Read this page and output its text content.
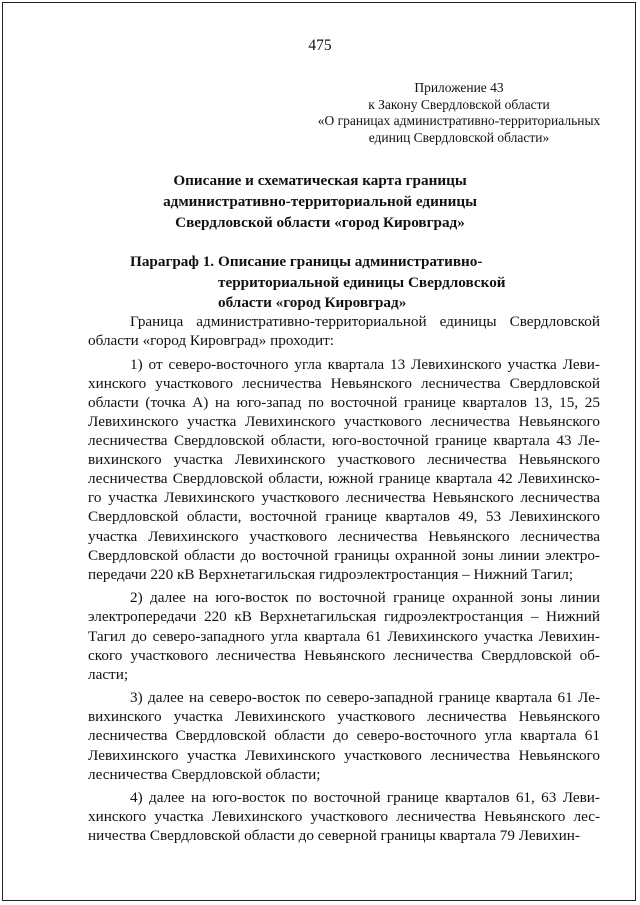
475
Приложение 43
к Закону Свердловской области
«О границах административно-территориальных
единиц Свердловской области»
Описание и схематическая карта границы
административно-территориальной единицы
Свердловской области «город Кировград»
Параграф 1. Описание границы административно-
территориальной единицы Свердловской
области «город Кировград»

Граница административно-территориальной единицы Свердловской
области «город Кировград» проходит:

1) от северо-восточного угла квартала 13 Левихинского участка Леви-
хинского участкового лесничества Невьянского лесничества Свердловской
области (точка А) на юго-запад по восточной границе кварталов 13, 15, 25
Левихинского участка Левихинского участкового лесничества Невьянского
лесничества Свердловской области, юго-восточной границе квартала 43 Ле-
вихинского участка Левихинского участкового лесничества Невьянского
лесничества Свердловской области, южной границе квартала 42 Левихинско-
го участка Левихинского участкового лесничества Невьянского лесничества
Свердловской области, восточной границе кварталов 49, 53 Левихинского
участка Левихинского участкового лесничества Невьянского лесничества
Свердловской области до восточной границы охранной зоны линии электро-
передачи 220 кВ Верхнетагильская гидроэлектростанция – Нижний Тагил;

2) далее на юго-восток по восточной границе охранной зоны линии
электропередачи 220 кВ Верхнетагильская гидроэлектростанция – Нижний
Тагил до северо-западного угла квартала 61 Левихинского участка Левихин-
ского участкового лесничества Невьянского лесничества Свердловской об-
ласти;

3) далее на северо-восток по северо-западной границе квартала 61 Ле-
вихинского участка Левихинского участкового лесничества Невьянского
лесничества Свердловской области до северо-восточного угла квартала 61
Левихинского участка Левихинского участкового лесничества Невьянского
лесничества Свердловской области;

4) далее на юго-восток по восточной границе кварталов 61, 63 Леви-
хинского участка Левихинского участкового лесничества Невьянского лес-
ничества Свердловской области до северной границы квартала 79 Левихин-
